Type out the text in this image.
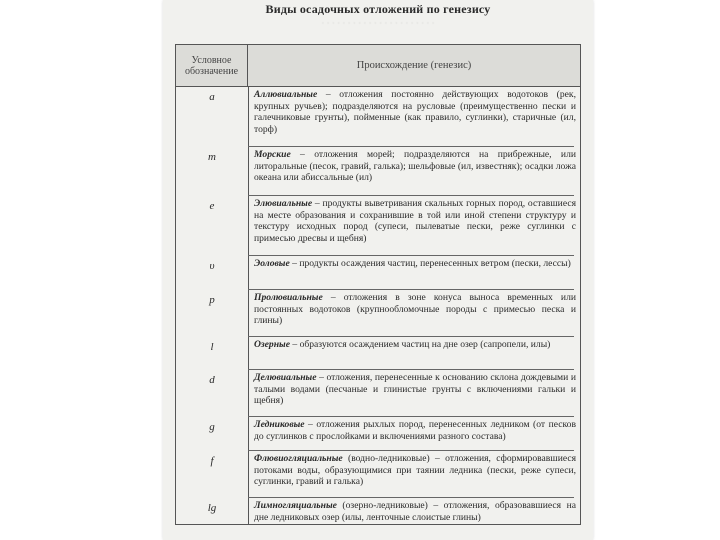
Виды осадочных отложений по генезису
· · · · · · · · · · · · · · · · · · · · · ·
Условное обозначение	Происхождение (генезис)
a	Аллювиальные – отложения постоянно действующих водотоков (рек, крупных ручьев); подразделяются на русловые (преимущественно пески и галечниковые грунты), пойменные (как правило, суглинки), старичные (ил, торф)
m	Морские – отложения морей; подразделяются на прибрежные, или литоральные (песок, гравий, галька); шельфовые (ил, известняк); осадки ложа океана или абиссальные (ил)
e	Элювиальные – продукты выветривания скальных горных пород, оставшиеся на месте образования и сохранившие в той или иной степени структуру и текстуру исходных пород (супеси, пылеватые пески, реже суглинки с примесью дресвы и щебня)
υ	Эоловые – продукты осаждения частиц, перенесенных ветром (пески, лессы)
p	Пролювиальные – отложения в зоне конуса выноса временных или постоянных водотоков (крупнообломочные породы с примесью песка и глины)
l	Озерные – образуются осаждением частиц на дне озер (сапропели, илы)
d	Делювиальные – отложения, перенесенные к основанию склона дождевыми и талыми водами (песчаные и глинистые грунты с включениями гальки и щебня)
g	Ледниковые – отложения рыхлых пород, перенесенных ледником (от песков до суглинков с прослойками и включениями разного состава)
f	Флювиогляциальные (водно-ледниковые) – отложения, сформировавшиеся потоками воды, образующимися при таянии ледника (пески, реже супеси, суглинки, гравий и галька)
lg	Лимногляциальные (озерно-ледниковые) – отложения, образовавшиеся на дне ледниковых озер (илы, ленточные слоистые глины)
